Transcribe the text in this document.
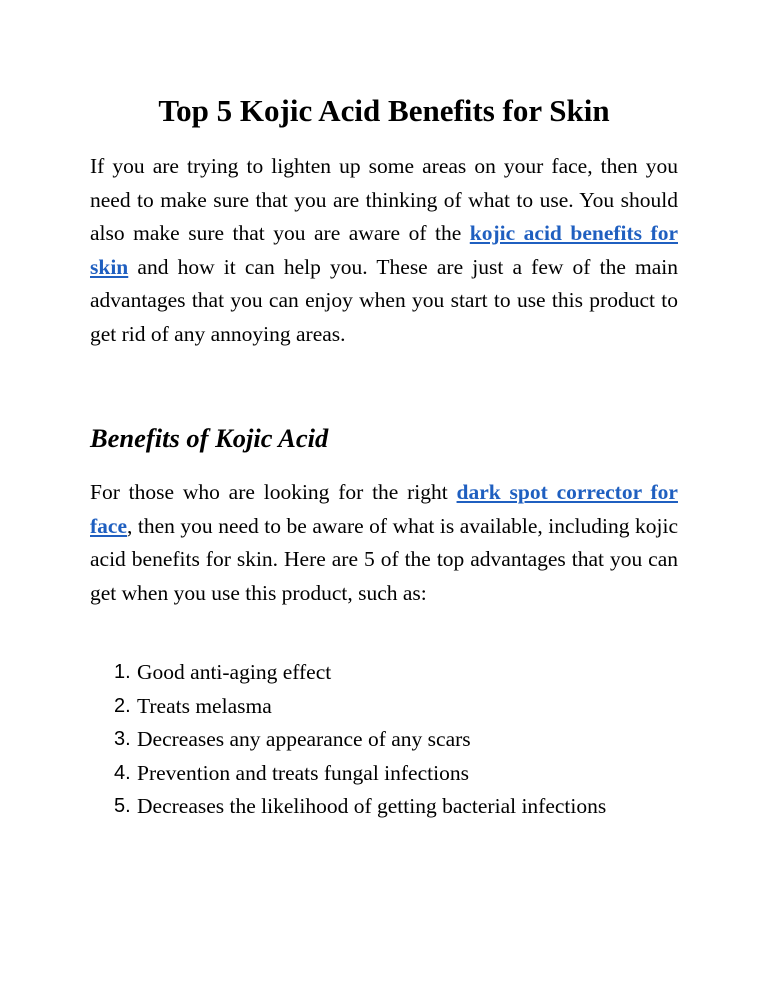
Top 5 Kojic Acid Benefits for Skin

If you are trying to lighten up some areas on your face, then you need to make sure that you are thinking of what to use. You should also make sure that you are aware of the kojic acid benefits for skin and how it can help you. These are just a few of the main advantages that you can enjoy when you start to use this product to get rid of any annoying areas.

Benefits of Kojic Acid

For those who are looking for the right dark spot corrector for face, then you need to be aware of what is available, including kojic acid benefits for skin. Here are 5 of the top advantages that you can get when you use this product, such as:

1. Good anti-aging effect
2. Treats melasma
3. Decreases any appearance of any scars
4. Prevention and treats fungal infections
5. Decreases the likelihood of getting bacterial infections
